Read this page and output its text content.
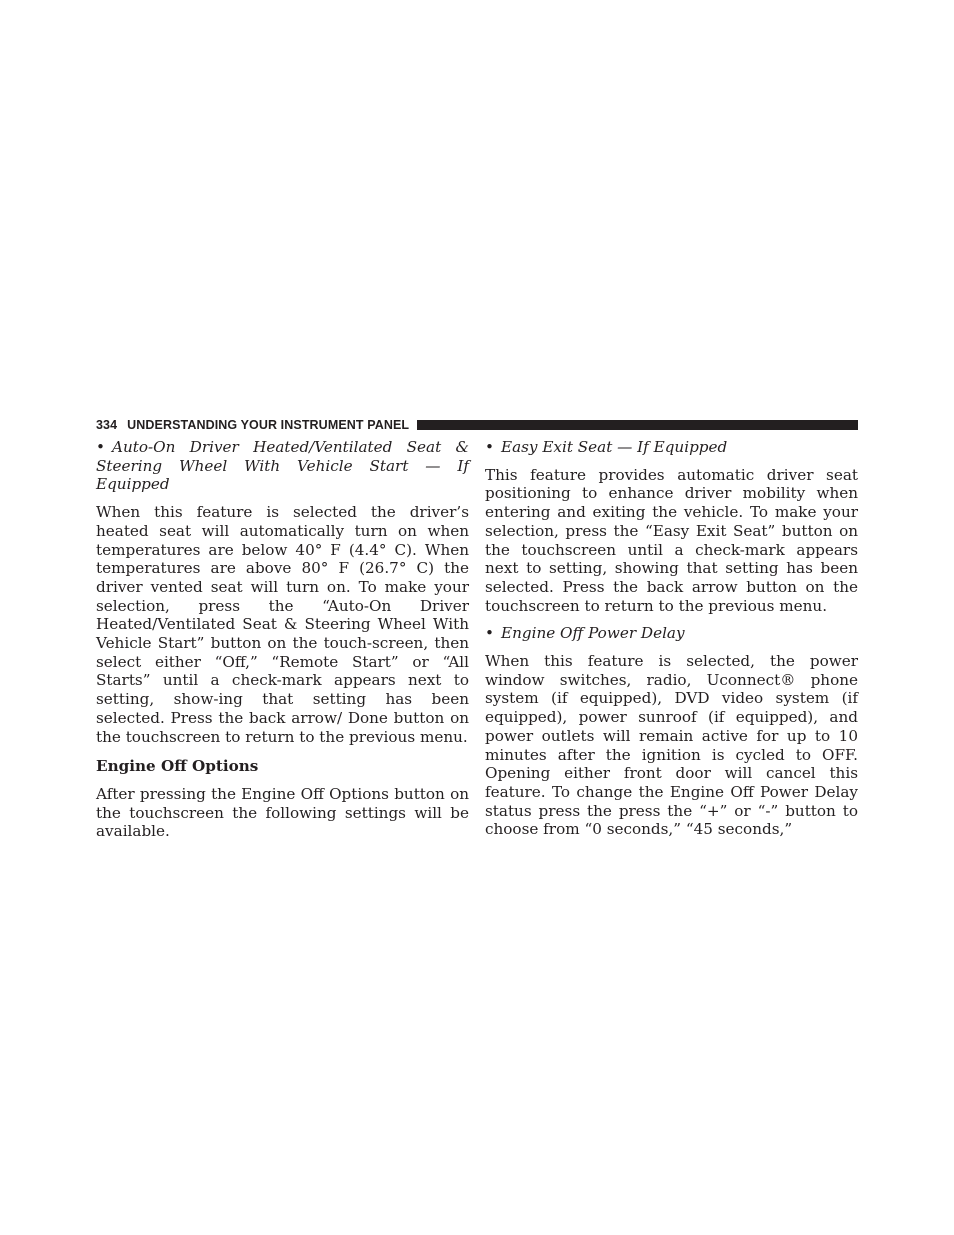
334 UNDERSTANDING YOUR INSTRUMENT PANEL

• Auto-On Driver Heated/Ventilated Seat & Steering Wheel With Vehicle Start — If Equipped

When this feature is selected the driver’s heated seat will automatically turn on when temperatures are below 40° F (4.4° C). When temperatures are above 80° F (26.7° C) the driver vented seat will turn on. To make your selection, press the “Auto-On Driver Heated/Ventilated Seat & Steering Wheel With Vehicle Start” button on the touch-screen, then select either “Off,” “Remote Start” or “All Starts” until a check-mark appears next to setting, show-ing that setting has been selected. Press the back arrow/ Done button on the touchscreen to return to the previous menu.

Engine Off Options

After pressing the Engine Off Options button on the touchscreen the following settings will be available.

• Easy Exit Seat — If Equipped

This feature provides automatic driver seat positioning to enhance driver mobility when entering and exiting the vehicle. To make your selection, press the “Easy Exit Seat” button on the touchscreen until a check-mark appears next to setting, showing that setting has been selected. Press the back arrow button on the touchscreen to return to the previous menu.

• Engine Off Power Delay

When this feature is selected, the power window switches, radio, Uconnect® phone system (if equipped), DVD video system (if equipped), power sunroof (if equipped), and power outlets will remain active for up to 10 minutes after the ignition is cycled to OFF. Opening either front door will cancel this feature. To change the Engine Off Power Delay status press the press the “+” or “-” button to choose from “0 seconds,” “45 seconds,”
